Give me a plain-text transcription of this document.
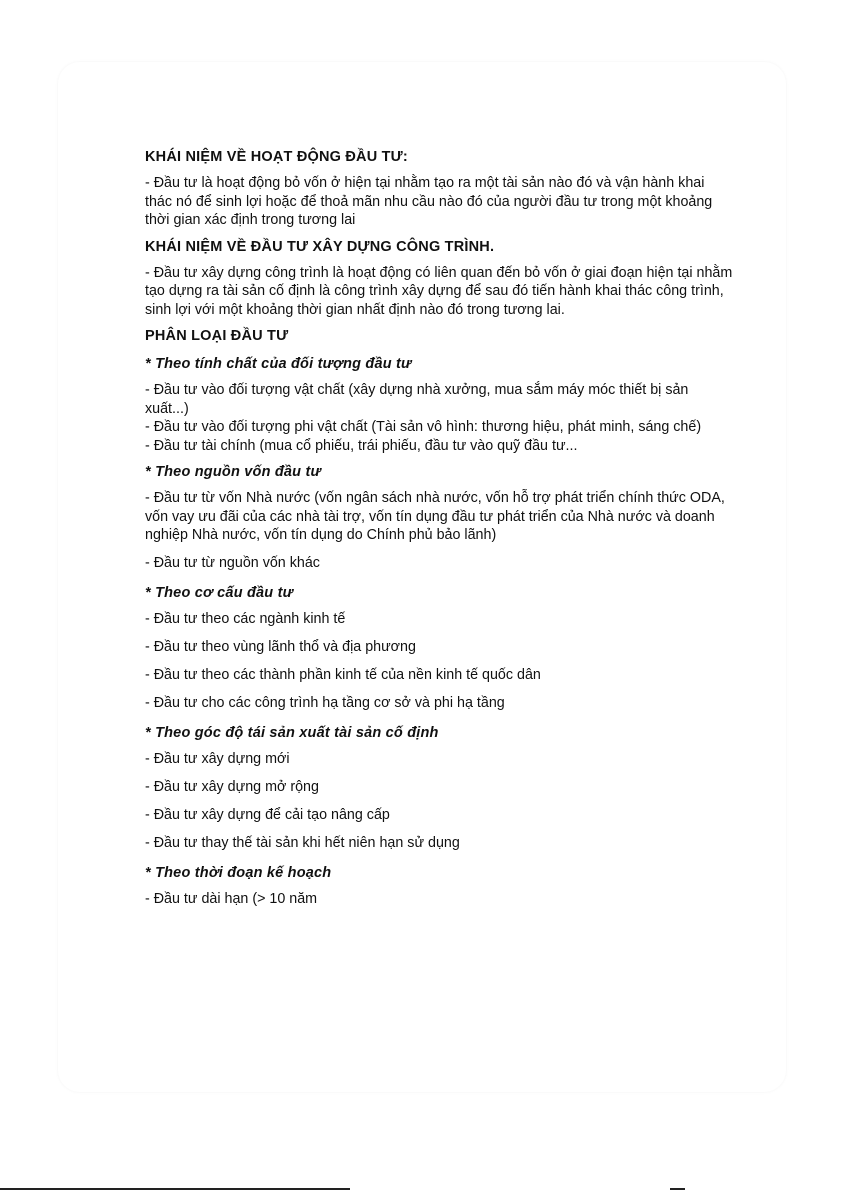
KHÁI NIỆM VỀ HOẠT ĐỘNG ĐẦU TƯ:
- Đầu tư là hoạt động bỏ vốn ở hiện tại nhằm tạo ra một tài sản nào đó và vận hành khai thác nó để sinh lợi hoặc để thoả mãn nhu cầu nào đó của người đầu tư trong một khoảng thời gian xác định trong tương lai
KHÁI NIỆM VỀ ĐẦU TƯ XÂY DỰNG CÔNG TRÌNH.
- Đầu tư xây dựng công trình là hoạt động có liên quan đến bỏ vốn ở giai đoạn hiện tại nhằm tạo dựng ra tài sản cố định là công trình xây dựng để sau đó tiến hành khai thác công trình, sinh lợi với một khoảng thời gian nhất định nào đó trong tương lai.
PHÂN LOẠI ĐẦU TƯ
* Theo tính chất của đối tượng đầu tư
- Đầu tư vào đối tượng vật chất (xây dựng nhà xưởng, mua sắm máy móc thiết bị sản xuất...)
- Đầu tư vào đối tượng phi vật chất (Tài sản vô hình: thương hiệu, phát minh, sáng chế)
- Đầu tư tài chính (mua cổ phiếu, trái phiếu, đầu tư vào quỹ đầu tư...
* Theo nguồn vốn đầu tư
- Đầu tư từ vốn Nhà nước (vốn ngân sách nhà nước, vốn hỗ trợ phát triển chính thức ODA, vốn vay ưu đãi của các nhà tài trợ, vốn tín dụng đầu tư phát triển của Nhà nước và doanh nghiệp Nhà nước, vốn tín dụng do Chính phủ bảo lãnh)
- Đầu tư từ nguồn vốn khác
* Theo cơ cấu đầu tư
- Đầu tư theo các ngành kinh tế
- Đầu tư theo vùng lãnh thổ và địa phương
- Đầu tư theo các thành phần kinh tế của nền kinh tế quốc dân
- Đầu tư cho các công trình hạ tầng cơ sở và phi hạ tầng
* Theo góc độ tái sản xuất tài sản cố định
- Đầu tư xây dựng mới
- Đầu tư xây dựng mở rộng
- Đầu tư xây dựng để cải tạo nâng cấp
- Đầu tư thay thế tài sản khi hết niên hạn sử dụng
* Theo thời đoạn kế hoạch
- Đầu tư dài hạn (> 10 năm
